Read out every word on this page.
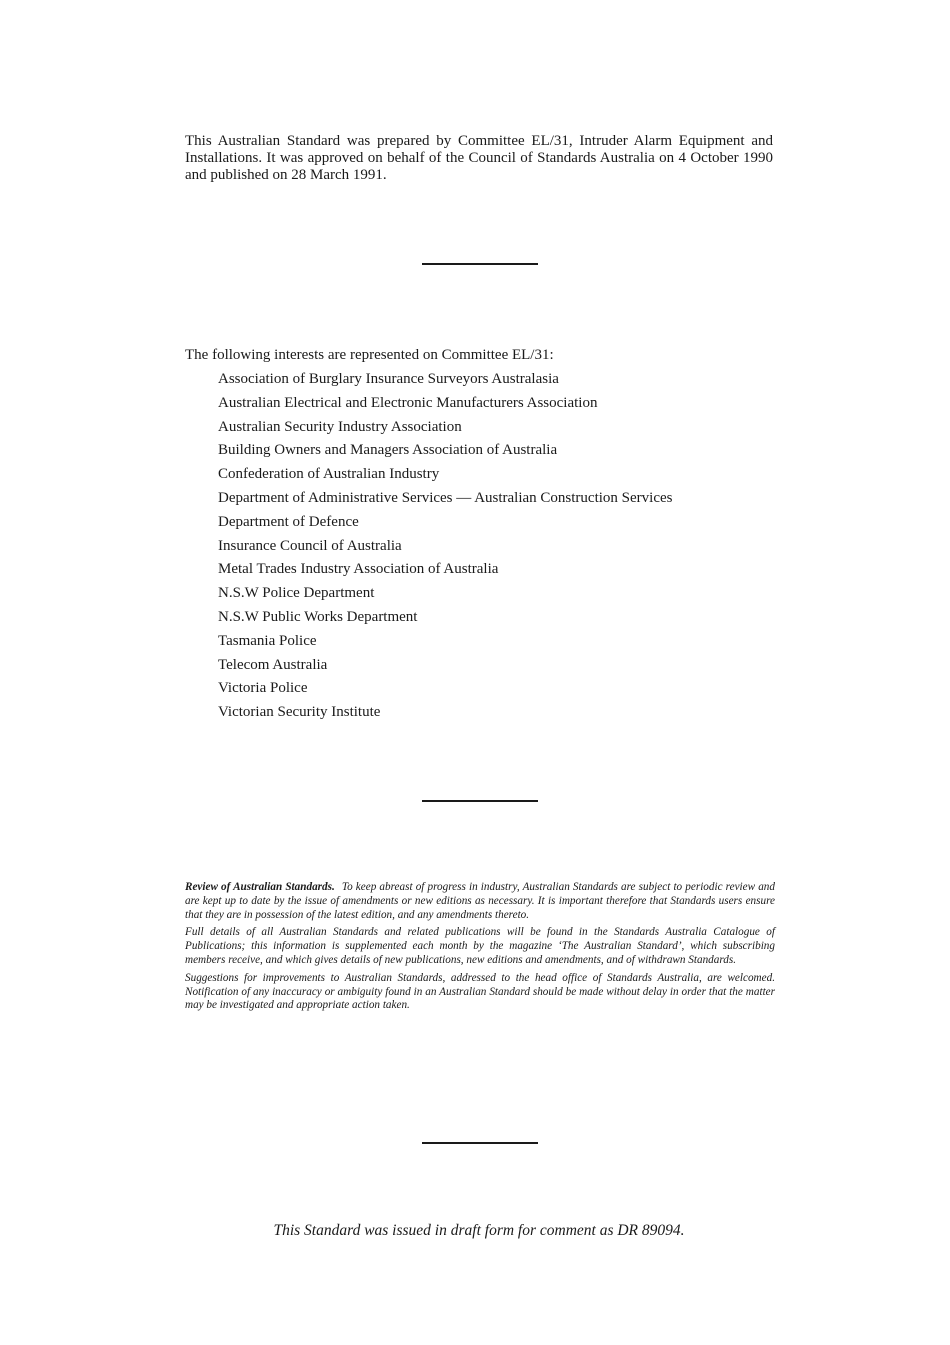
This Australian Standard was prepared by Committee EL/31, Intruder Alarm Equipment and Installations. It was approved on behalf of the Council of Standards Australia on 4 October 1990 and published on 28 March 1991.

The following interests are represented on Committee EL/31:

Association of Burglary Insurance Surveyors Australasia
Australian Electrical and Electronic Manufacturers Association
Australian Security Industry Association
Building Owners and Managers Association of Australia
Confederation of Australian Industry
Department of Administrative Services — Australian Construction Services
Department of Defence
Insurance Council of Australia
Metal Trades Industry Association of Australia
N.S.W Police Department
N.S.W Public Works Department
Tasmania Police
Telecom Australia
Victoria Police
Victorian Security Institute

Review of Australian Standards. To keep abreast of progress in industry, Australian Standards are subject to periodic review and are kept up to date by the issue of amendments or new editions as necessary. It is important therefore that Standards users ensure that they are in possession of the latest edition, and any amendments thereto.

Full details of all Australian Standards and related publications will be found in the Standards Australia Catalogue of Publications; this information is supplemented each month by the magazine ‘The Australian Standard’, which subscribing members receive, and which gives details of new publications, new editions and amendments, and of withdrawn Standards.

Suggestions for improvements to Australian Standards, addressed to the head office of Standards Australia, are welcomed. Notification of any inaccuracy or ambiguity found in an Australian Standard should be made without delay in order that the matter may be investigated and appropriate action taken.

This Standard was issued in draft form for comment as DR 89094.
